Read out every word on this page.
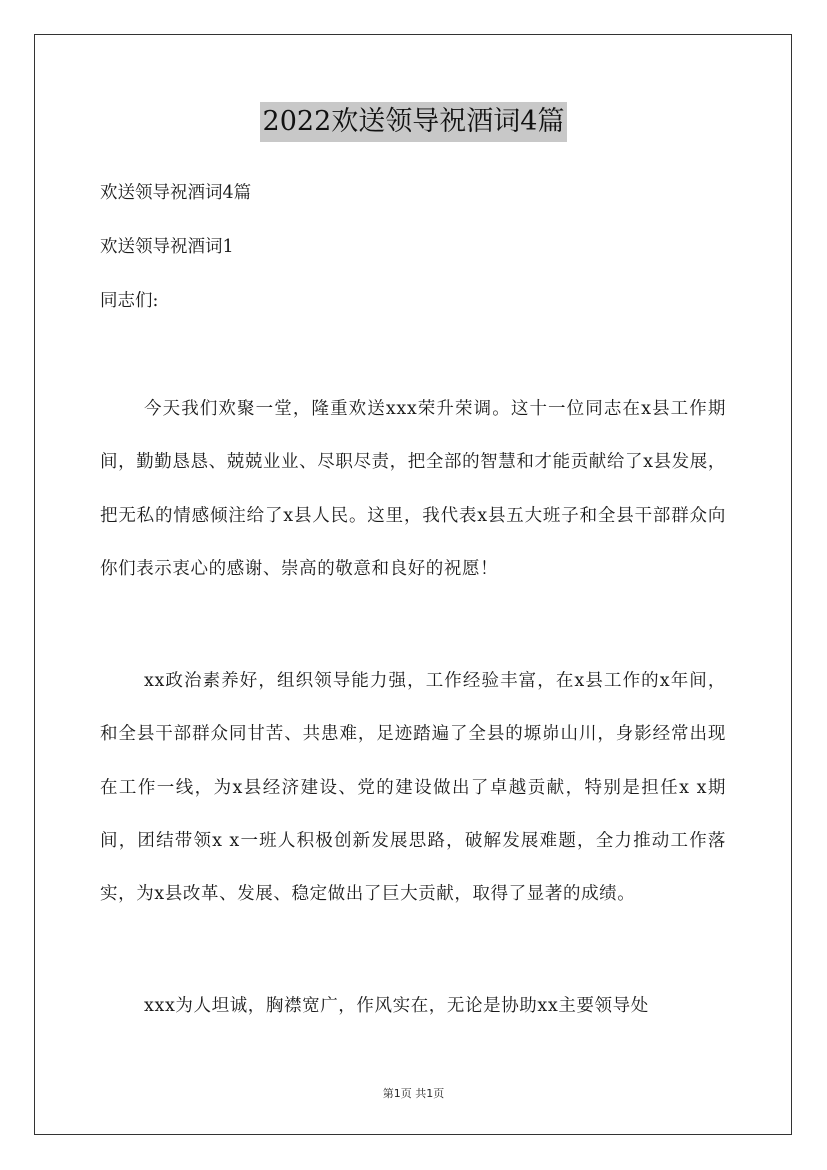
2022欢送领导祝酒词4篇
欢送领导祝酒词4篇
欢送领导祝酒词1
同志们:

今天我们欢聚一堂，隆重欢送xxx荣升荣调。这十一位同志在x县工作期间，勤勤恳恳、兢兢业业、尽职尽责，把全部的智慧和才能贡献给了x县发展，把无私的情感倾注给了x县人民。这里，我代表x县五大班子和全县干部群众向你们表示衷心的感谢、崇高的敬意和良好的祝愿！

xx政治素养好，组织领导能力强，工作经验丰富，在x县工作的x年间，和全县干部群众同甘苦、共患难，足迹踏遍了全县的塬峁山川，身影经常出现在工作一线，为x县经济建设、党的建设做出了卓越贡献，特别是担任x x期间，团结带领x x一班人积极创新发展思路，破解发展难题，全力推动工作落实，为x县改革、发展、稳定做出了巨大贡献，取得了显著的成绩。

xxx为人坦诚，胸襟宽广，作风实在，无论是协助xx主要领导处

第1页 共1页
